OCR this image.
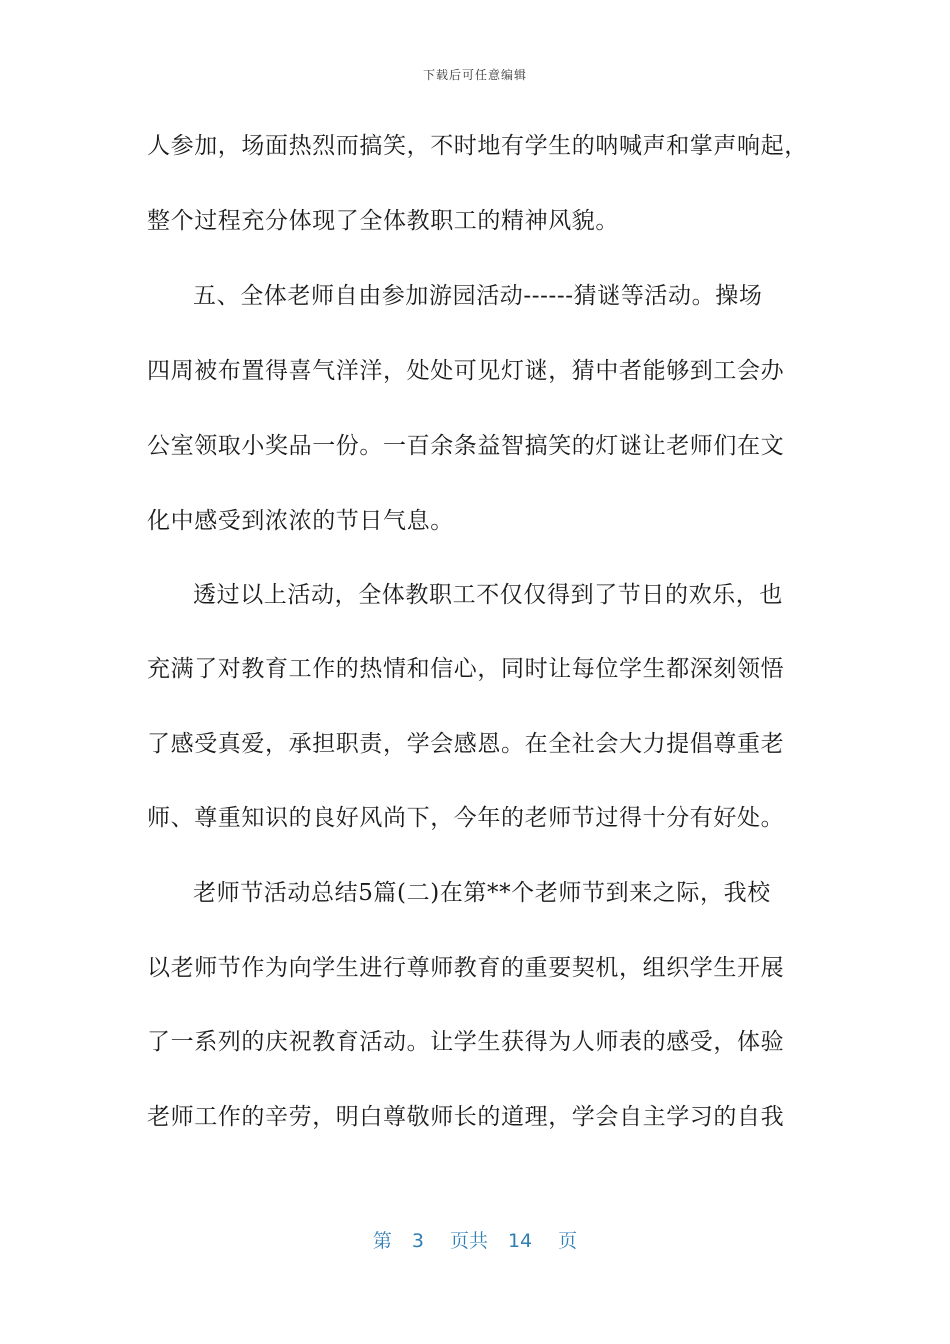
下载后可任意编辑
人参加，场面热烈而搞笑，不时地有学生的呐喊声和掌声响起，
整个过程充分体现了全体教职工的精神风貌。
五、全体老师自由参加游园活动------猜谜等活动。操场
四周被布置得喜气洋洋，处处可见灯谜，猜中者能够到工会办
公室领取小奖品一份。一百余条益智搞笑的灯谜让老师们在文
化中感受到浓浓的节日气息。
透过以上活动，全体教职工不仅仅得到了节日的欢乐，也
充满了对教育工作的热情和信心，同时让每位学生都深刻领悟
了感受真爱，承担职责，学会感恩。在全社会大力提倡尊重老
师、尊重知识的良好风尚下，今年的老师节过得十分有好处。
老师节活动总结5篇(二)在第**个老师节到来之际，我校
以老师节作为向学生进行尊师教育的重要契机，组织学生开展
了一系列的庆祝教育活动。让学生获得为人师表的感受，体验
老师工作的辛劳，明白尊敬师长的道理，学会自主学习的自我
第 3 页共 14 页
